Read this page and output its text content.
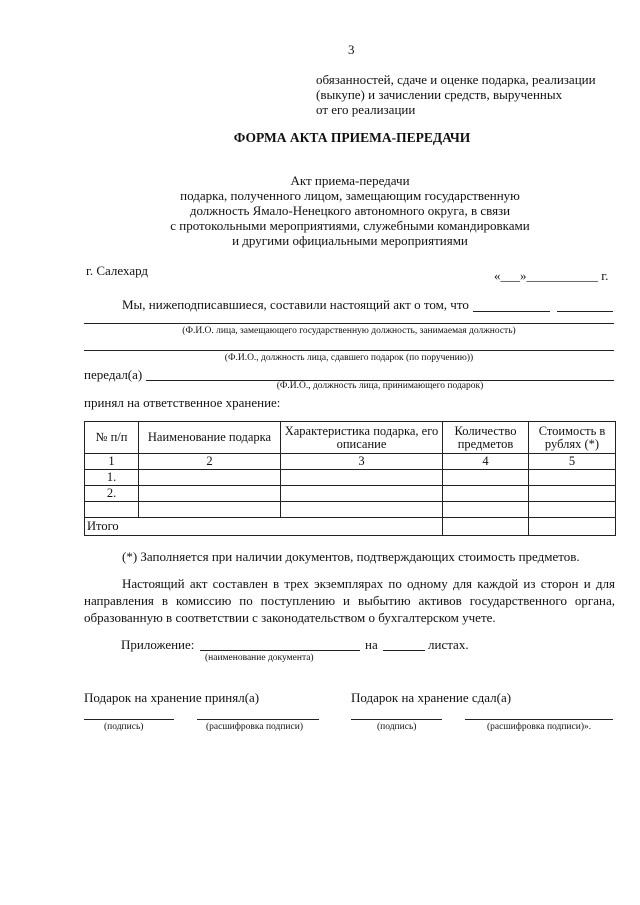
3
обязанностей, сдаче и оценке подарка, реализации
(выкупе) и зачислении средств, вырученных
от его реализации
ФОРМА АКТА ПРИЕМА-ПЕРЕДАЧИ
Акт приема-передачи
подарка, полученного лицом, замещающим государственную
должность Ямало-Ненецкого автономного округа, в связи
с протокольными мероприятиями, служебными командировками
и другими официальными мероприятиями
г. Салехард	«___»___________ г.
Мы, нижеподписавшиеся, составили настоящий акт о том, что
(Ф.И.О. лица, замещающего государственную должность, занимаемая должность)
(Ф.И.О., должность лица, сдавшего подарок (по поручению))
передал(а)
(Ф.И.О., должность лица, принимающего подарок)
принял на ответственное хранение:
№ п/п	Наименование подарка	Характеристика подарка, его описание	Количество предметов	Стоимость в рублях (*)
1	2	3	4	5
1.				
2.				

Итого				
(*) Заполняется при наличии документов, подтверждающих стоимость предметов.
Настоящий акт составлен в трех экземплярах по одному для каждой из сторон и для направления в комиссию по поступлению и выбытию активов государственного органа, образованную в соответствии с законодательством о бухгалтерском учете.
Приложение:	на	листах.
(наименование документа)
Подарок на хранение принял(а)	Подарок на хранение сдал(а)
(подпись)	(расшифровка подписи)	(подпись)	(расшифровка подписи)».
